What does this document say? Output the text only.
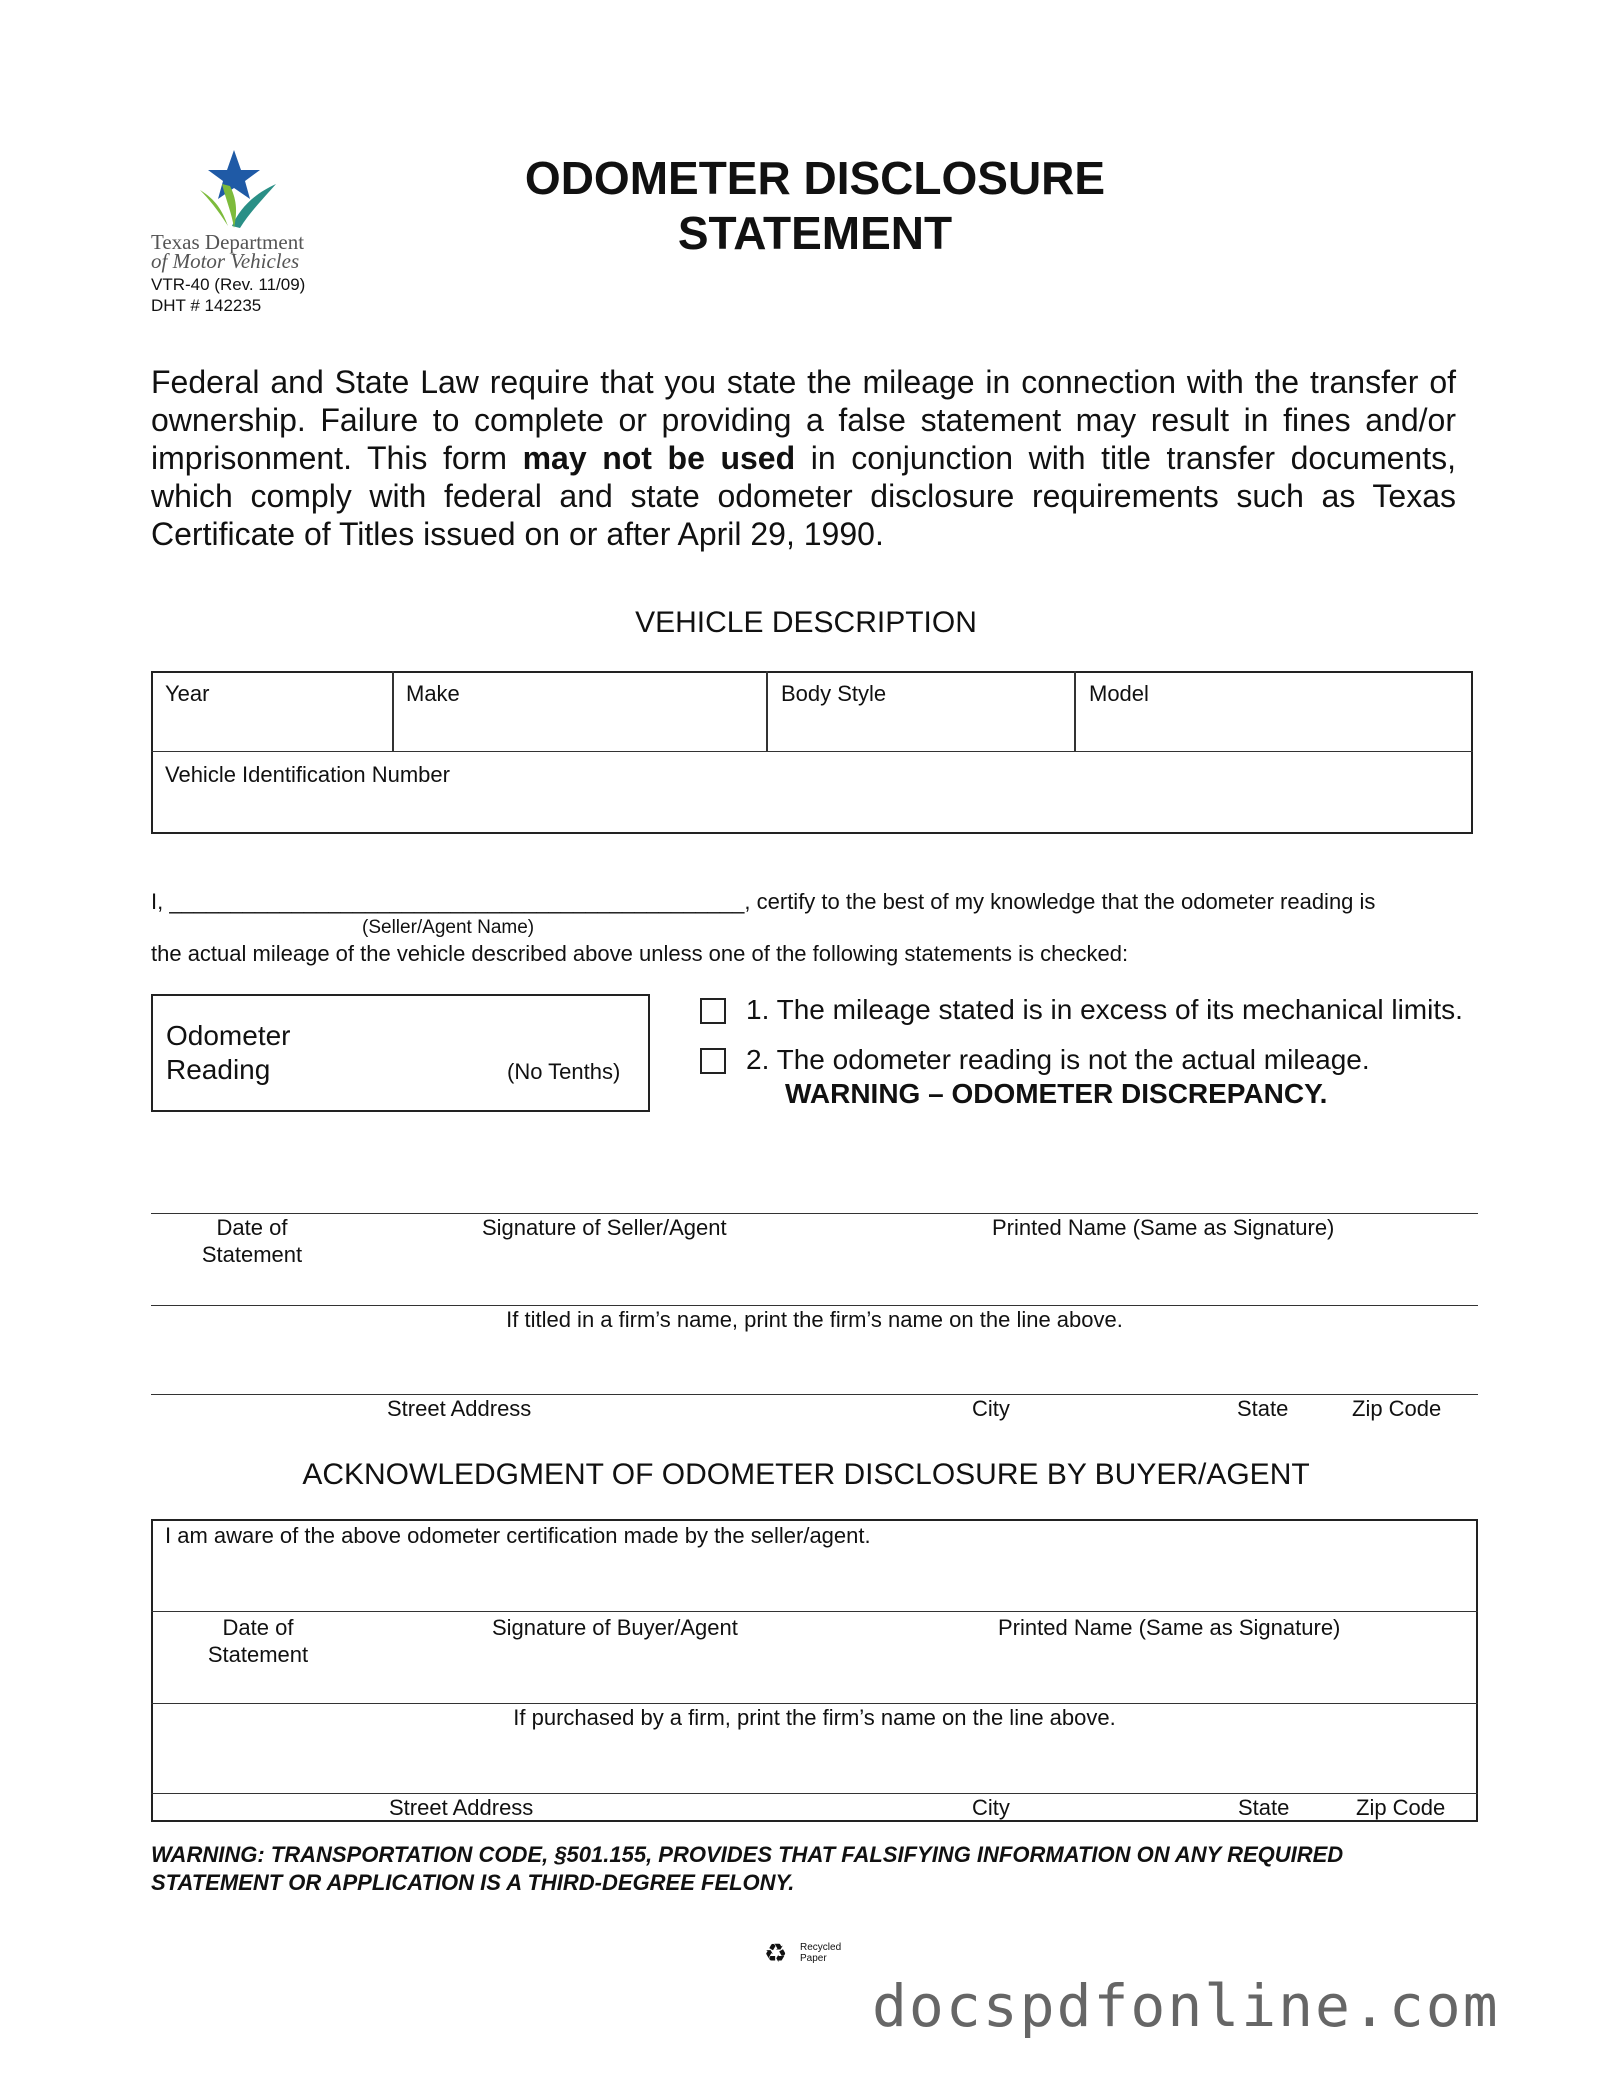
Texas Department
of Motor Vehicles
VTR-40 (Rev. 11/09)
DHT # 142235
ODOMETER DISCLOSURE
STATEMENT
Federal and State Law require that you state the mileage in connection with the transfer of ownership. Failure to complete or providing a false statement may result in fines and/or imprisonment. This form may not be used in conjunction with title transfer documents, which comply with federal and state odometer disclosure requirements such as Texas Certificate of Titles issued on or after April 29, 1990.
VEHICLE DESCRIPTION
Year	Make	Body Style	Model
Vehicle Identification Number
I, _______________________________________________, certify to the best of my knowledge that the odometer reading is
(Seller/Agent Name)
the actual mileage of the vehicle described above unless one of the following statements is checked:
Odometer
Reading	(No Tenths)
1. The mileage stated is in excess of its mechanical limits.
2. The odometer reading is not the actual mileage.
WARNING – ODOMETER DISCREPANCY.
Date of
Statement
Signature of Seller/Agent	Printed Name (Same as Signature)
If titled in a firm’s name, print the firm’s name on the line above.
Street Address	City	State	Zip Code
ACKNOWLEDGMENT OF ODOMETER DISCLOSURE BY BUYER/AGENT
I am aware of the above odometer certification made by the seller/agent.
Date of
Statement
Signature of Buyer/Agent	Printed Name (Same as Signature)
If purchased by a firm, print the firm’s name on the line above.
Street Address	City	State	Zip Code
WARNING: TRANSPORTATION CODE, §501.155, PROVIDES THAT FALSIFYING INFORMATION ON ANY REQUIRED
STATEMENT OR APPLICATION IS A THIRD-DEGREE FELONY.
♻ Recycled
Paper
docspdfonline.com
